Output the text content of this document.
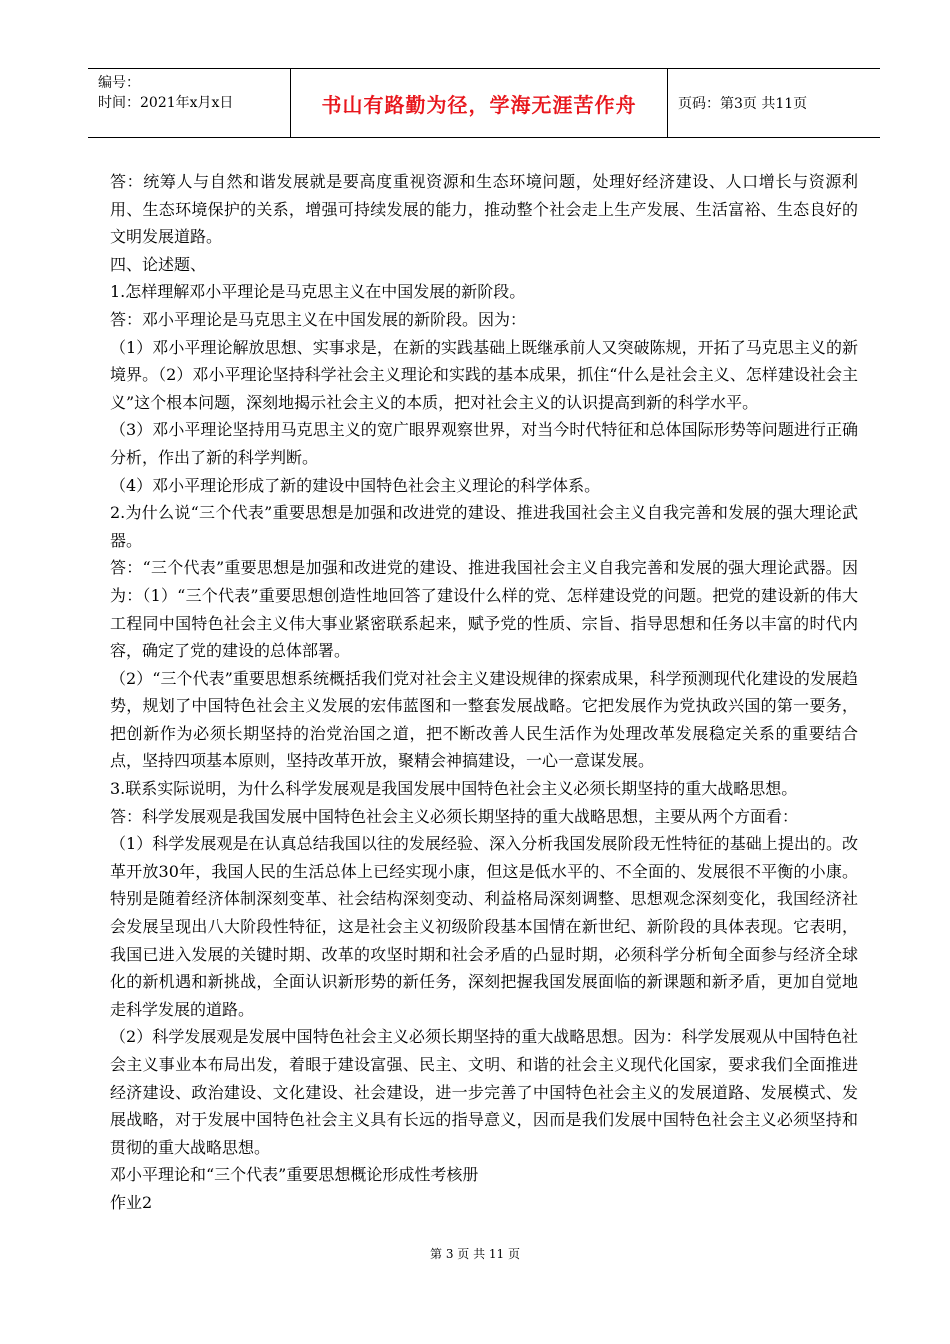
编号：
时间：2021年x月x日	书山有路勤为径，学海无涯苦作舟	页码：第3页 共11页

答：统筹人与自然和谐发展就是要高度重视资源和生态环境问题，处理好经济建设、人口增长与资源利用、生态环境保护的关系，增强可持续发展的能力，推动整个社会走上生产发展、生活富裕、生态良好的文明发展道路。

四、论述题、

1.怎样理解邓小平理论是马克思主义在中国发展的新阶段。

答：邓小平理论是马克思主义在中国发展的新阶段。因为：

（1）邓小平理论解放思想、实事求是，在新的实践基础上既继承前人又突破陈规，开拓了马克思主义的新境界。（2）邓小平理论坚持科学社会主义理论和实践的基本成果，抓住“什么是社会主义、怎样建设社会主义”这个根本问题，深刻地揭示社会主义的本质，把对社会主义的认识提高到新的科学水平。

（3）邓小平理论坚持用马克思主义的宽广眼界观察世界，对当今时代特征和总体国际形势等问题进行正确分析，作出了新的科学判断。

（4）邓小平理论形成了新的建设中国特色社会主义理论的科学体系。

2.为什么说“三个代表”重要思想是加强和改进党的建设、推进我国社会主义自我完善和发展的强大理论武器。

答：“三个代表”重要思想是加强和改进党的建设、推进我国社会主义自我完善和发展的强大理论武器。因为：（1）“三个代表”重要思想创造性地回答了建设什么样的党、怎样建设党的问题。把党的建设新的伟大工程同中国特色社会主义伟大事业紧密联系起来，赋予党的性质、宗旨、指导思想和任务以丰富的时代内容，确定了党的建设的总体部署。

（2）“三个代表”重要思想系统概括我们党对社会主义建设规律的探索成果，科学预测现代化建设的发展趋势，规划了中国特色社会主义发展的宏伟蓝图和一整套发展战略。它把发展作为党执政兴国的第一要务，把创新作为必须长期坚持的治党治国之道，把不断改善人民生活作为处理改革发展稳定关系的重要结合点，坚持四项基本原则，坚持改革开放，聚精会神搞建设，一心一意谋发展。

3.联系实际说明，为什么科学发展观是我国发展中国特色社会主义必须长期坚持的重大战略思想。

答：科学发展观是我国发展中国特色社会主义必须长期坚持的重大战略思想，主要从两个方面看：

（1）科学发展观是在认真总结我国以往的发展经验、深入分析我国发展阶段无性特征的基础上提出的。改革开放30年，我国人民的生活总体上已经实现小康，但这是低水平的、不全面的、发展很不平衡的小康。特别是随着经济体制深刻变革、社会结构深刻变动、利益格局深刻调整、思想观念深刻变化，我国经济社会发展呈现出八大阶段性特征，这是社会主义初级阶段基本国情在新世纪、新阶段的具体表现。它表明，我国已进入发展的关键时期、改革的攻坚时期和社会矛盾的凸显时期，必须科学分析甸全面参与经济全球化的新机遇和新挑战，全面认识新形势的新任务，深刻把握我国发展面临的新课题和新矛盾，更加自觉地走科学发展的道路。

（2）科学发展观是发展中国特色社会主义必须长期坚持的重大战略思想。因为：科学发展观从中国特色社会主义事业本布局出发，着眼于建设富强、民主、文明、和谐的社会主义现代化国家，要求我们全面推进经济建设、政治建设、文化建设、社会建设，进一步完善了中国特色社会主义的发展道路、发展模式、发展战略，对于发展中国特色社会主义具有长远的指导意义，因而是我们发展中国特色社会主义必须坚持和贯彻的重大战略思想。

邓小平理论和“三个代表”重要思想概论形成性考核册

作业2

第 3 页 共 11 页
